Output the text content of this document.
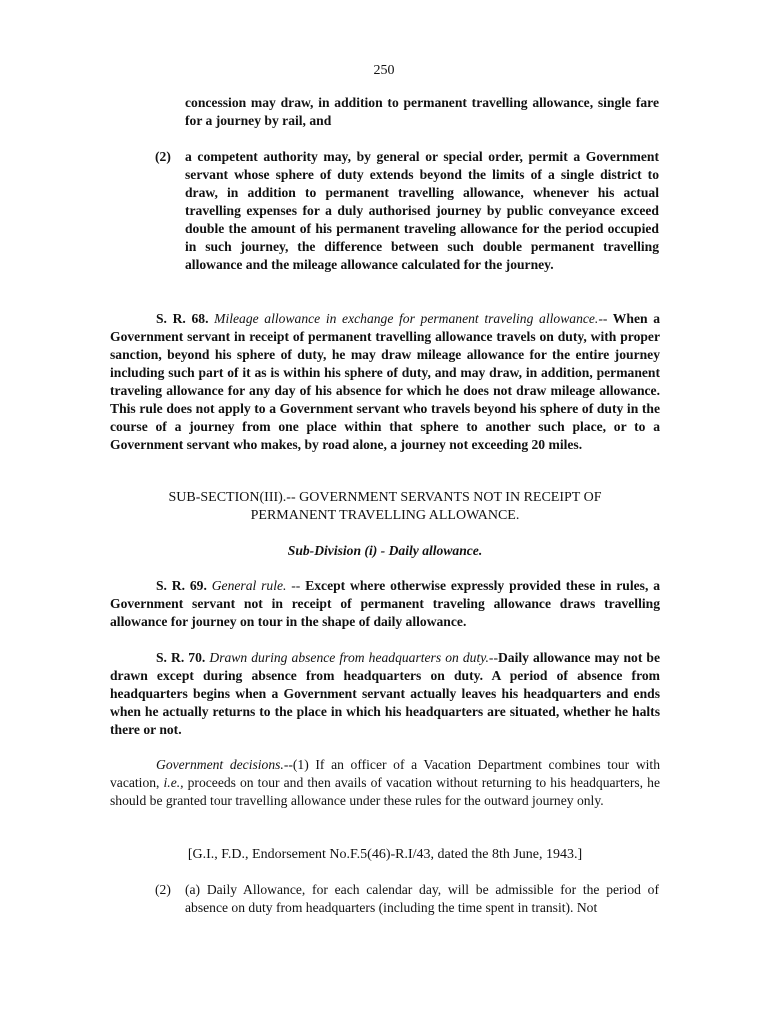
250
concession may draw, in addition to permanent travelling allowance, single fare for a journey by rail, and
(2) a competent authority may, by general or special order, permit a Government servant whose sphere of duty extends beyond the limits of a single district to draw, in addition to permanent travelling allowance, whenever his actual travelling expenses for a duly authorised journey by public conveyance exceed double the amount of his permanent traveling allowance for the period occupied in such journey, the difference between such double permanent travelling allowance and the mileage allowance calculated for the journey.
S. R. 68. Mileage allowance in exchange for permanent traveling allowance.-- When a Government servant in receipt of permanent travelling allowance travels on duty, with proper sanction, beyond his sphere of duty, he may draw mileage allowance for the entire journey including such part of it as is within his sphere of duty, and may draw, in addition, permanent traveling allowance for any day of his absence for which he does not draw mileage allowance. This rule does not apply to a Government servant who travels beyond his sphere of duty in the course of a journey from one place within that sphere to another such place, or to a Government servant who makes, by road alone, a journey not exceeding 20 miles.
SUB-SECTION(III).-- GOVERNMENT SERVANTS NOT IN RECEIPT OF
PERMANENT TRAVELLING ALLOWANCE.
Sub-Division (i) - Daily allowance.
S. R. 69. General rule. -- Except where otherwise expressly provided these in rules, a Government servant not in receipt of permanent traveling allowance draws travelling allowance for journey on tour in the shape of daily allowance.
S. R. 70. Drawn during absence from headquarters on duty.--Daily allowance may not be drawn except during absence from headquarters on duty. A period of absence from headquarters begins when a Government servant actually leaves his headquarters and ends when he actually returns to the place in which his headquarters are situated, whether he halts there or not.
Government decisions.--(1) If an officer of a Vacation Department combines tour with vacation, i.e., proceeds on tour and then avails of vacation without returning to his headquarters, he should be granted tour travelling allowance under these rules for the outward journey only.
[G.I., F.D., Endorsement No.F.5(46)-R.I/43, dated the 8th June, 1943.]
(2) (a) Daily Allowance, for each calendar day, will be admissible for the period of absence on duty from headquarters (including the time spent in transit). Not
